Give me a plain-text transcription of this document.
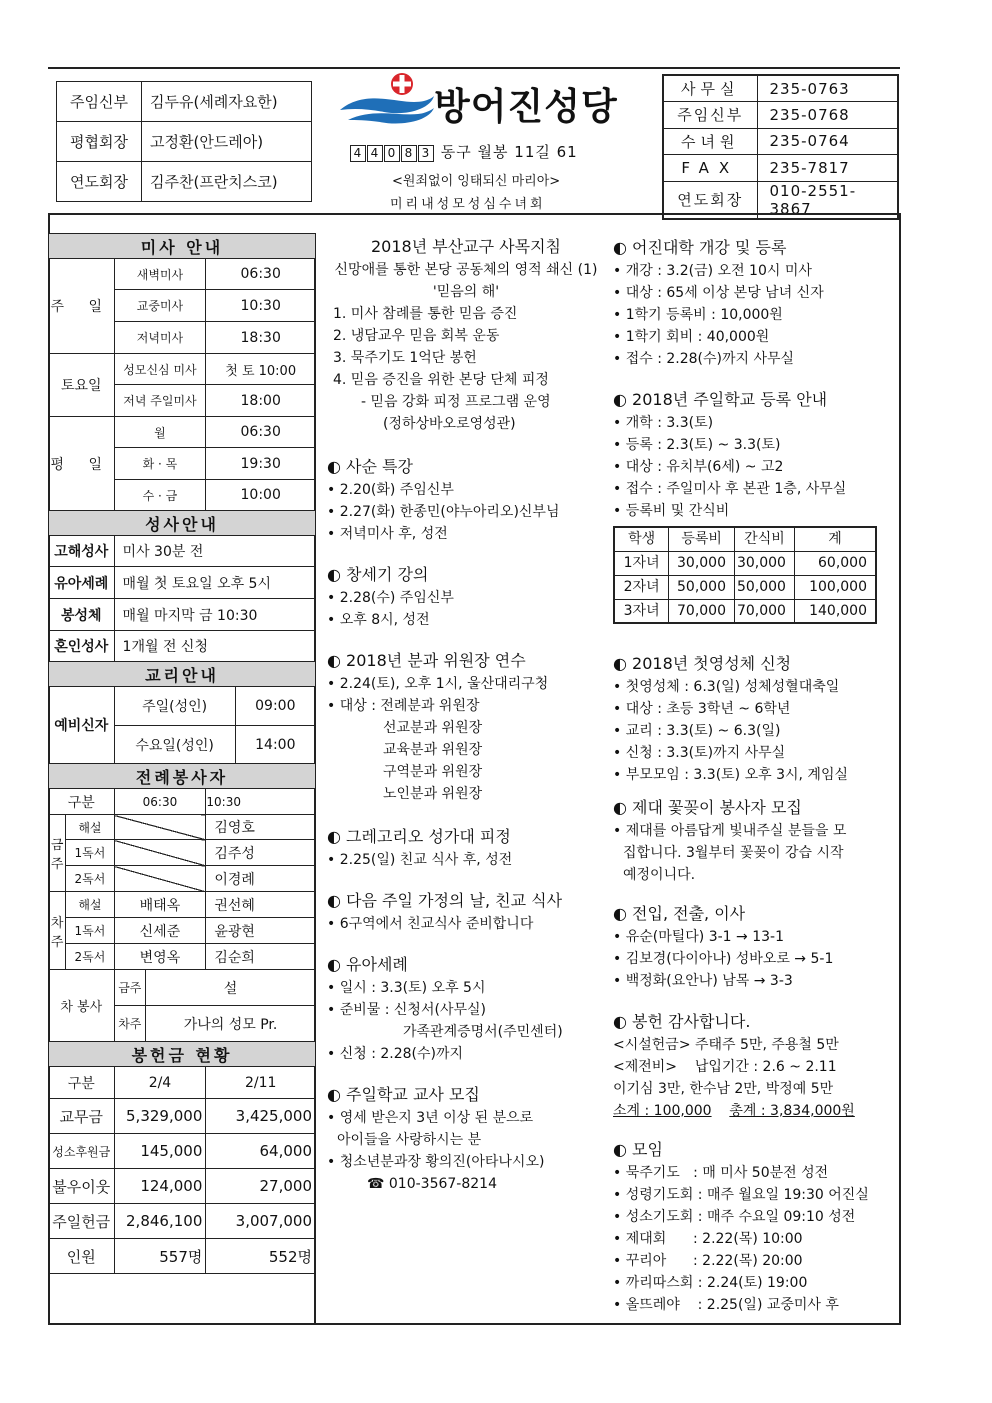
주임신부	김두유(세례자요한)
평협회장	고정환(안드레아)
연도회장	김주찬(프란치스코)
방어진성당
4 4 0 8 3 동구 월봉 11길 61
<원죄없이 잉태되신 마리아>
미리내성모성심수녀회
사무실	235-0763
주임신부	235-0768
수녀원	235-0764
FAX	235-7817
연도회장	010-2551-3867
미사 안내					
주 일		새벽미사		06:30	
		교중미사		10:30	
		저녁미사		18:30	
토요일		성모신심 미사		첫 토 10:00	
		저녁 주일미사		18:00	
평 일		월		06:30	
		화 · 목		19:30	
		수 · 금		10:00	
성사안내					
고해성사		미사 30분 전			
유아세례		매월 첫 토요일 오후 5시			
봉성체		매월 마지막 금 10:30			
혼인성사		1개월 전 신청			
교리안내					
예비신자		주일(성인)			09:00
		수요일(성인)			14:00
전례봉사자					
구분		06:30		10:30	
금주	해설			김영호	
	1독서			김주성	
	2독서			이경례	
차주	해설	배태옥		권선혜	
	1독서	신세준		윤광현	
	2독서	변영옥		김순희	
차 봉사		금주	설		
		차주	가나의 성모 Pr.		
봉헌금 현황					
구분		2/4		2/11	
교무금		5,329,000		3,425,000	
성소후원금		145,000		64,000	
불우이웃		124,000		27,000	
주일헌금		2,846,100		3,007,000	
인원		557명		552명	
2018년 부산교구 사목지침
신망애를 통한 본당 공동체의 영적 쇄신 (1)
'믿음의 해'
1. 미사 참례를 통한 믿음 증진
2. 냉담교우 믿음 회복 운동
3. 묵주기도 1억단 봉헌
4. 믿음 증진을 위한 본당 단체 피정
- 믿음 강화 피정 프로그램 운영
(정하상바오로영성관)
◐ 사순 특강
• 2.20(화) 주임신부
• 2.27(화) 한종민(야누아리오)신부님
• 저녁미사 후, 성전
◐ 창세기 강의
• 2.28(수) 주임신부
• 오후 8시, 성전
◐ 2018년 분과 위원장 연수
• 2.24(토), 오후 1시, 울산대리구청
• 대상 : 전례분과 위원장
선교분과 위원장
교육분과 위원장
구역분과 위원장
노인분과 위원장
◐ 그레고리오 성가대 피정
• 2.25(일) 친교 식사 후, 성전
◐ 다음 주일 가정의 날, 친교 식사
• 6구역에서 친교식사 준비합니다
◐ 유아세례
• 일시 : 3.3(토) 오후 5시
• 준비물 : 신청서(사무실)
가족관계증명서(주민센터)
• 신청 : 2.28(수)까지
◐ 주일학교 교사 모집
• 영세 받은지 3년 이상 된 분으로
아이들을 사랑하시는 분
• 청소년분과장 황의진(아타나시오)
☎ 010-3567-8214
◐ 어진대학 개강 및 등록
• 개강 : 3.2(금) 오전 10시 미사
• 대상 : 65세 이상 본당 남녀 신자
• 1학기 등록비 : 10,000원
• 1학기 회비 : 40,000원
• 접수 : 2.28(수)까지 사무실
◐ 2018년 주일학교 등록 안내
• 개학 : 3.3(토)
• 등록 : 2.3(토) ~ 3.3(토)
• 대상 : 유치부(6세) ~ 고2
• 접수 : 주일미사 후 본관 1층, 사무실
• 등록비 및 간식비
학생	등록비	간식비	계
1자녀	30,000	30,000	60,000
2자녀	50,000	50,000	100,000
3자녀	70,000	70,000	140,000
◐ 2018년 첫영성체 신청
• 첫영성체 : 6.3(일) 성체성혈대축일
• 대상 : 초등 3학년 ~ 6학년
• 교리 : 3.3(토) ~ 6.3(일)
• 신청 : 3.3(토)까지 사무실
• 부모모임 : 3.3(토) 오후 3시, 계임실
◐ 제대 꽃꽂이 봉사자 모집
• 제대를 아름답게 빛내주실 분들을 모
집합니다. 3월부터 꽃꽂이 강습 시작
예정이니다.
◐ 전입, 전출, 이사
• 유순(마틸다) 3-1 → 13-1
• 김보경(다이아나) 성바오로 → 5-1
• 백정화(요안나) 남목 → 3-3
◐ 봉헌 감사합니다.
<시설헌금> 주태주 5만, 주용철 5만
<제전비>    납입기간 : 2.6 ~ 2.11
이기심 3만, 한수남 2만, 박정예 5만
소계 : 100,000 총계 : 3,834,000원
◐ 모임
• 묵주기도   : 매 미사 50분전 성전
• 성령기도회 : 매주 월요일 19:30 어진실
• 성소기도회 : 매주 수요일 09:10 성전
• 제대회      : 2.22(목) 10:00
• 꾸리아      : 2.22(목) 20:00
• 까리따스회 : 2.24(토) 19:00
• 올뜨레야    : 2.25(일) 교중미사 후
